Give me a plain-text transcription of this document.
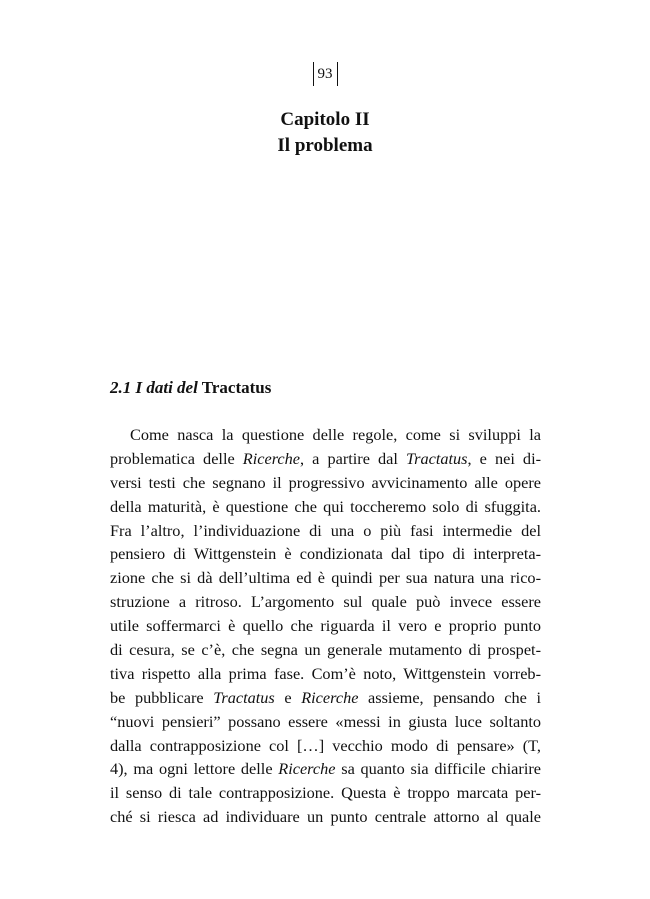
93
Capitolo II
Il problema
2.1 I dati del Tractatus
Come nasca la questione delle regole, come si sviluppi la
problematica delle Ricerche, a partire dal Tractatus, e nei di-
versi testi che segnano il progressivo avvicinamento alle opere
della maturità, è questione che qui toccheremo solo di sfuggita.
Fra l’altro, l’individuazione di una o più fasi intermedie del
pensiero di Wittgenstein è condizionata dal tipo di interpreta-
zione che si dà dell’ultima ed è quindi per sua natura una rico-
struzione a ritroso. L’argomento sul quale può invece essere
utile soffermarci è quello che riguarda il vero e proprio punto
di cesura, se c’è, che segna un generale mutamento di prospet-
tiva rispetto alla prima fase. Com’è noto, Wittgenstein vorreb-
be pubblicare Tractatus e Ricerche assieme, pensando che i
“nuovi pensieri” possano essere «messi in giusta luce soltanto
dalla contrapposizione col […] vecchio modo di pensare» (T,
4), ma ogni lettore delle Ricerche sa quanto sia difficile chiarire
il senso di tale contrapposizione. Questa è troppo marcata per-
ché si riesca ad individuare un punto centrale attorno al quale
